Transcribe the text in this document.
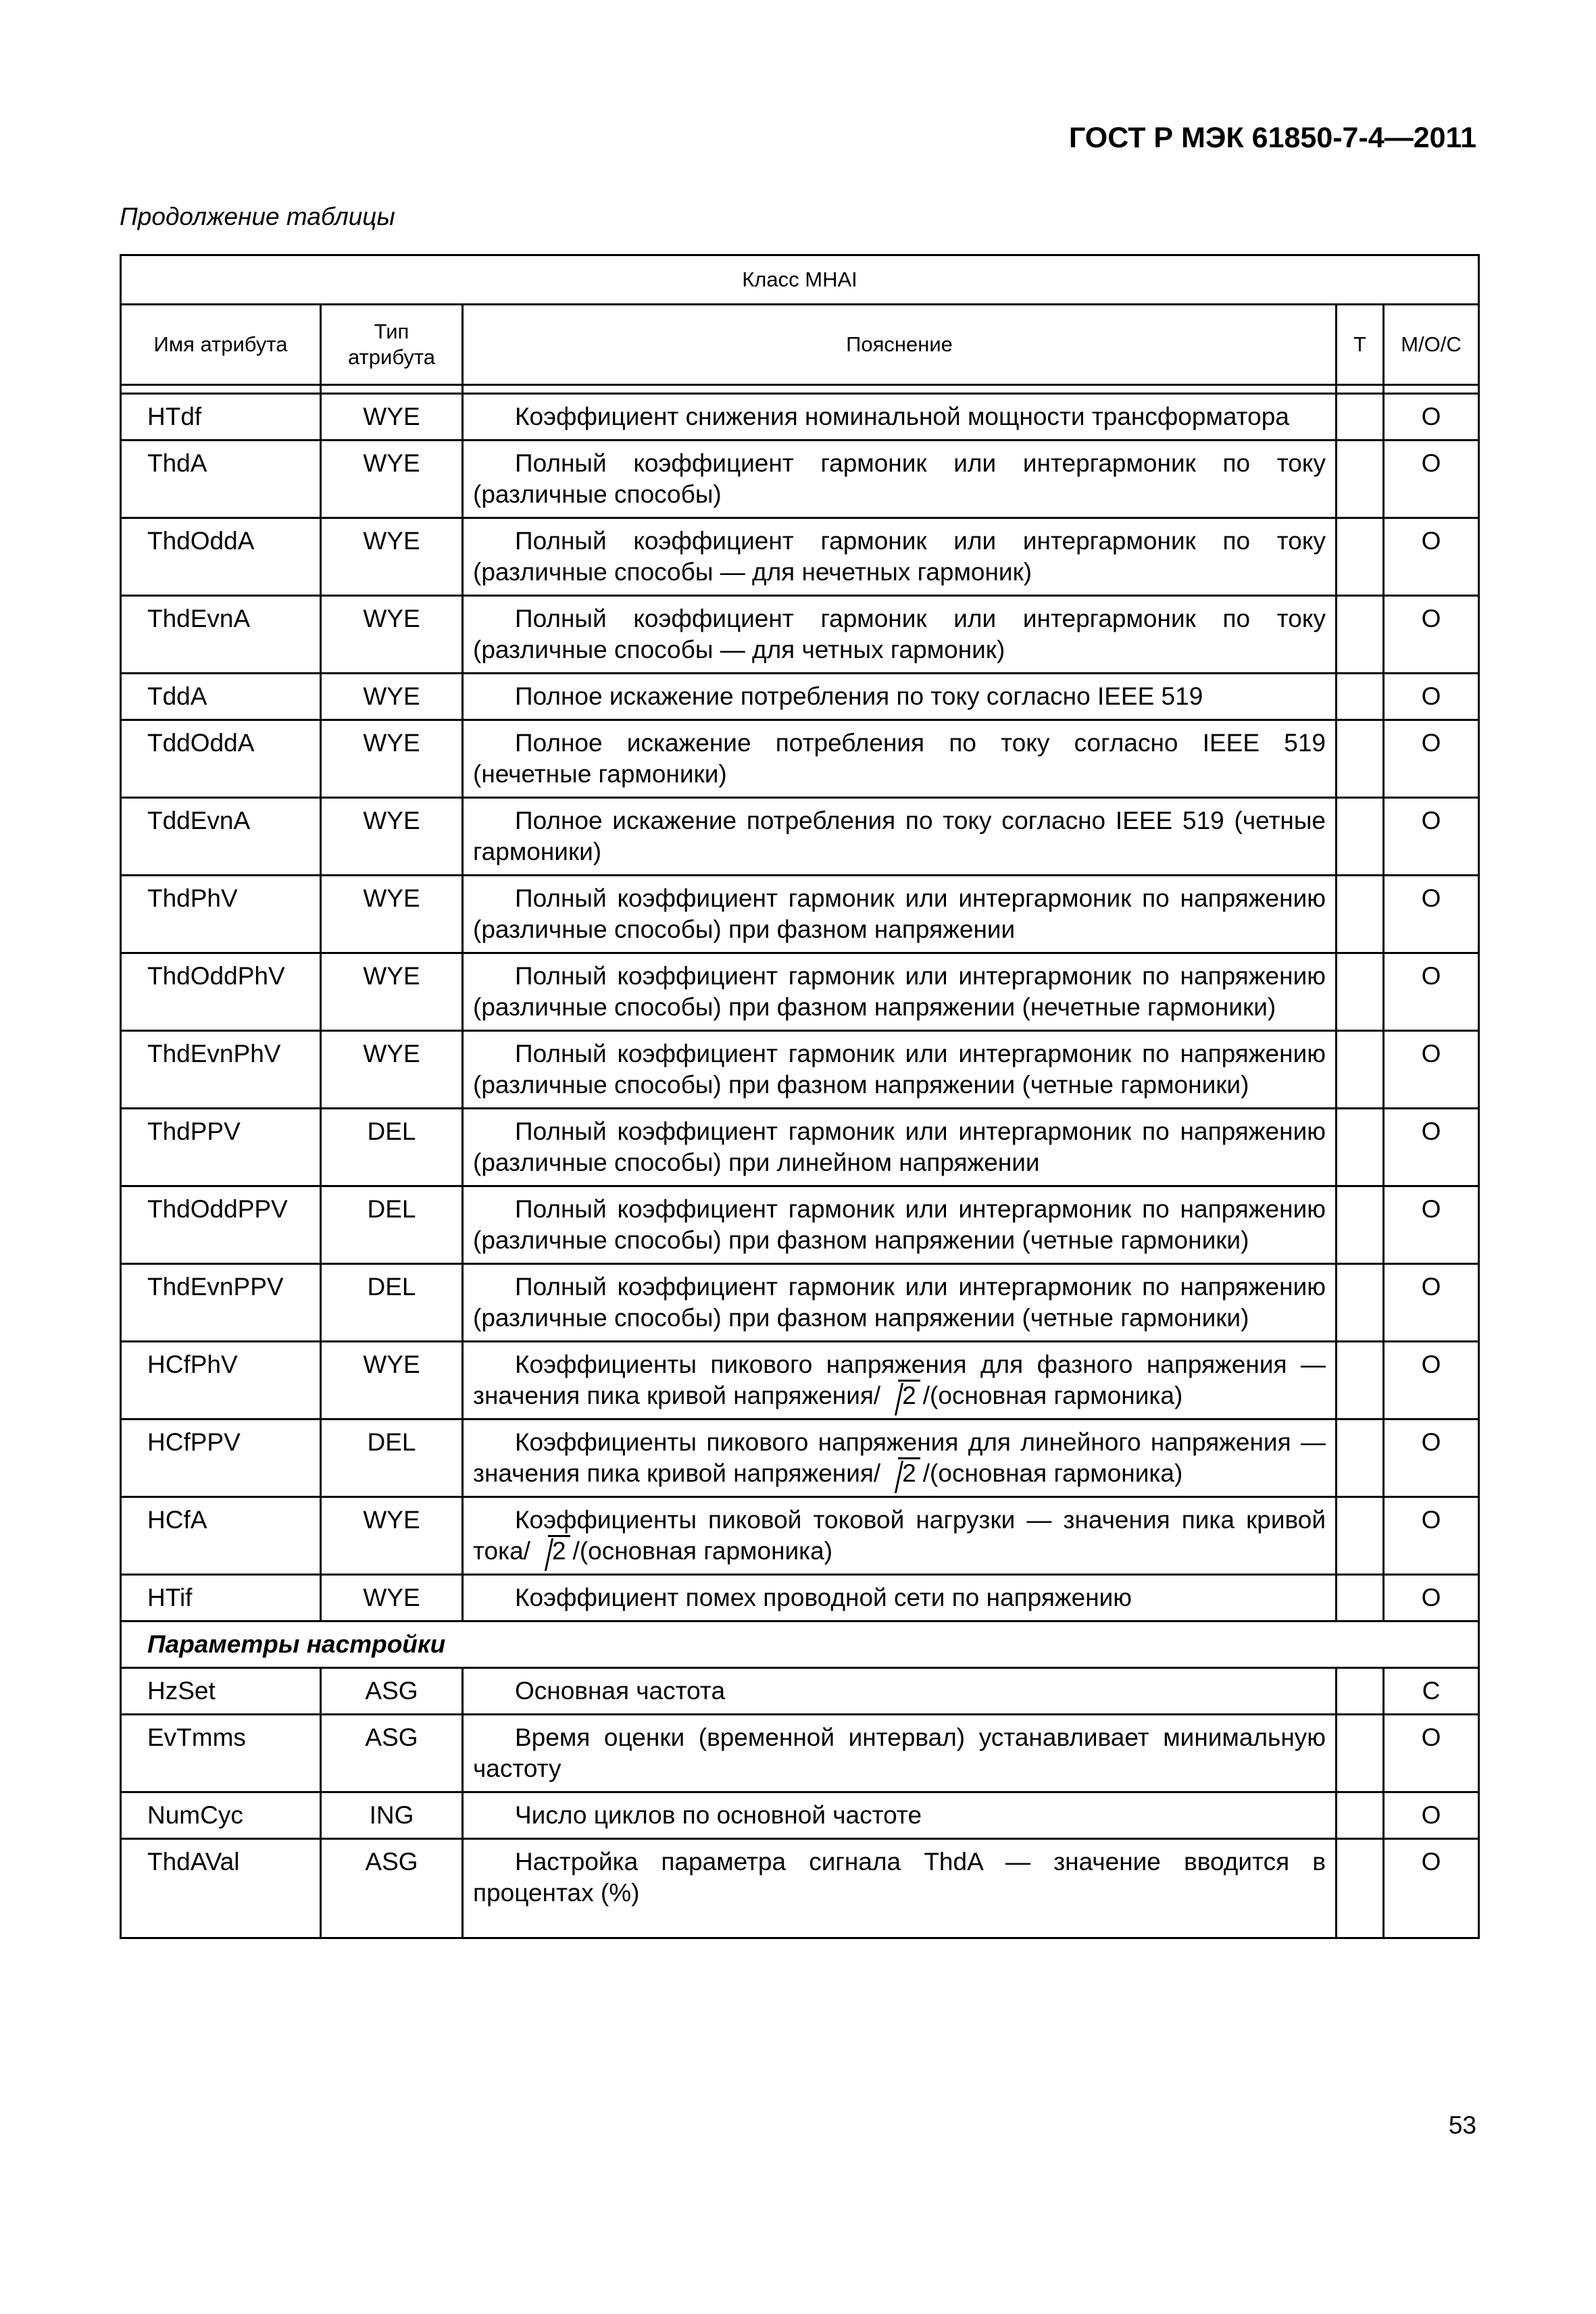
ГОСТ Р МЭК 61850-7-4—2011
Продолжение таблицы
Класс MHAI				
Имя атрибута	Тип атрибута	Пояснение	T	М/О/С

HTdf	WYE	Коэффициент снижения номинальной мощности трансформатора		O
ThdA	WYE	Полный коэффициент гармоник или интергармоник по току (различные способы)		O
ThdOddA	WYE	Полный коэффициент гармоник или интергармоник по току (различные способы — для нечетных гармоник)		O
ThdEvnA	WYE	Полный коэффициент гармоник или интергармоник по току (различные способы — для четных гармоник)		O
TddA	WYE	Полное искажение потребления по току согласно IEEE 519		O
TddOddA	WYE	Полное искажение потребления по току согласно IEEE 519 (нечетные гармоники)		O
TddEvnA	WYE	Полное искажение потребления по току согласно IEEE 519 (четные гармоники)		O
ThdPhV	WYE	Полный коэффициент гармоник или интергармоник по напряжению (различные способы) при фазном напряжении		O
ThdOddPhV	WYE	Полный коэффициент гармоник или интергармоник по напряжению (различные способы) при фазном напряжении (нечетные гармоники)		O
ThdEvnPhV	WYE	Полный коэффициент гармоник или интергармоник по напряжению (различные способы) при фазном напряжении (четные гармоники)		O
ThdPPV	DEL	Полный коэффициент гармоник или интергармоник по напряжению (различные способы) при линейном напряжении		O
ThdOddPPV	DEL	Полный коэффициент гармоник или интергармоник по напряжению (различные способы) при фазном напряжении (четные гармоники)		O
ThdEvnPPV	DEL	Полный коэффициент гармоник или интергармоник по напряжению (различные способы) при фазном напряжении (четные гармоники)		O
HCfPhV	WYE	Коэффициенты пикового напряжения для фазного напряжения — значения пика кривой напряжения/ 2 /(основная гармоника)		O
HCfPPV	DEL	Коэффициенты пикового напряжения для линейного напряжения — значения пика кривой напряжения/ 2 /(основная гармоника)		O
HCfA	WYE	Коэффициенты пиковой токовой нагрузки — значения пика кривой тока/ 2 /(основная гармоника)		O
HTif	WYE	Коэффициент помех проводной сети по напряжению		O
Параметры настройки				
HzSet	ASG	Основная частота		C
EvTmms	ASG	Время оценки (временной интервал) устанавливает минимальную частоту		O
NumCyc	ING	Число циклов по основной частоте		O
ThdAVal	ASG	Настройка параметра сигнала ThdA — значение вводится в процентах (%)		O
53
